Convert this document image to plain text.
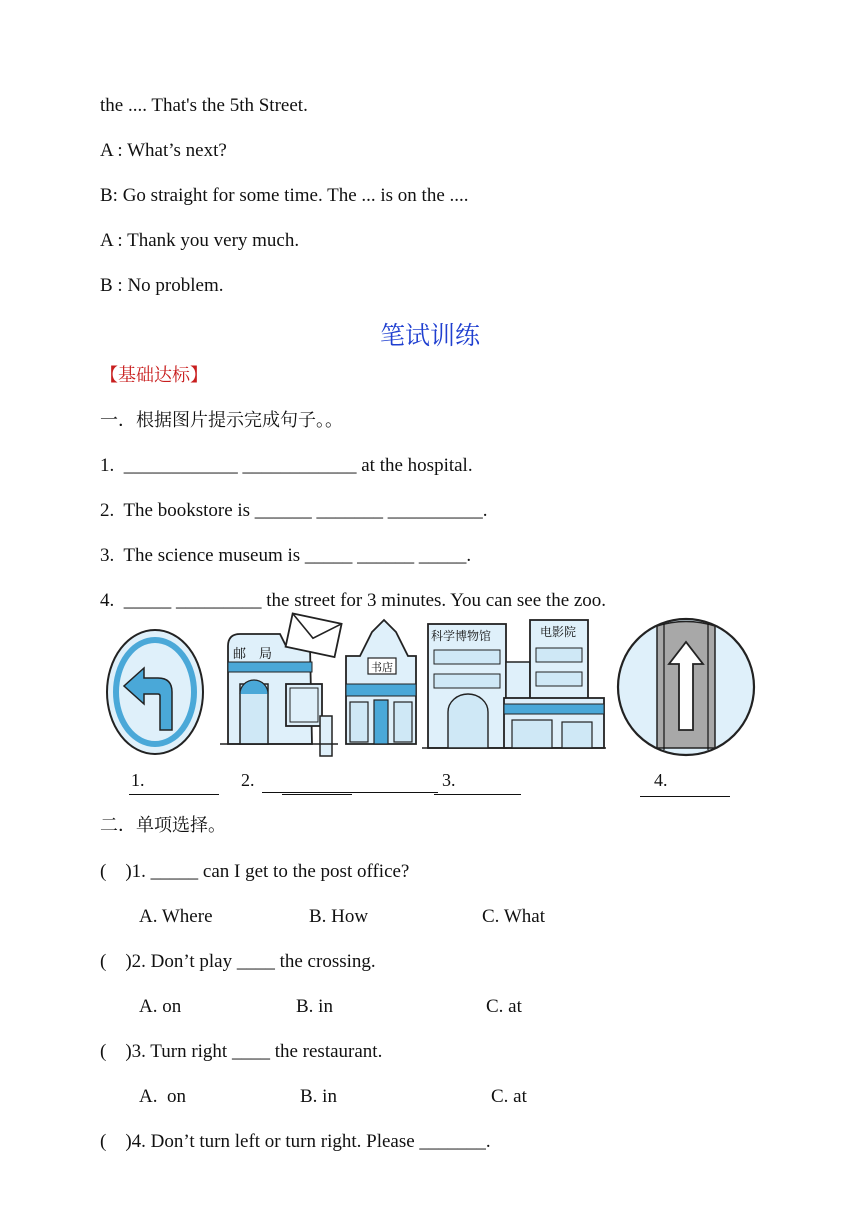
the .... That's the 5th Street.
A : What’s next?
B: Go straight for some time. The ... is on the ....
A : Thank you very much.
B : No problem.
笔试训练
【基础达标】
一．根据图片提示完成句子。。
1.  ____________ ____________ at the hospital.
2.  The bookstore is ______ _______ __________.
3.  The science museum is _____ ______ _____.
4.  _____ _________ the street for 3 minutes. You can see the zoo.
邮　局
书店
科学博物馆	电影院
1.	2.	3.	4.
二．单项选择。
(    )1. _____ can I get to the post office?
A. Where	B. How	C. What
(    )2. Don’t play ____ the crossing.
A. on	B. in	C. at
(    )3. Turn right ____ the restaurant.
A.  on	B. in	C. at
(    )4. Don’t turn left or turn right. Please _______.
